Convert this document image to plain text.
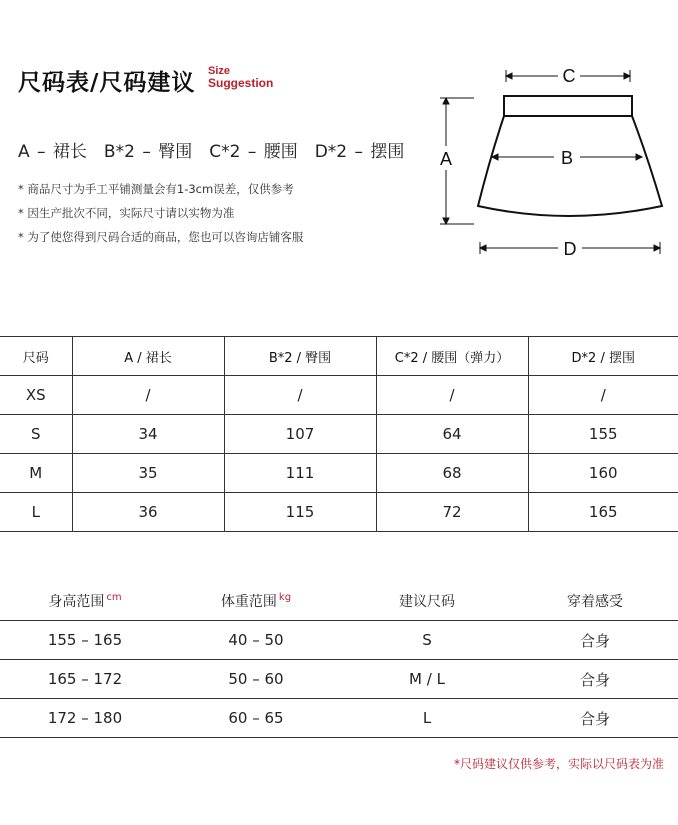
尺码表/尺码建议 Size
Suggestion
A – 裙长　B*2 – 臀围　C*2 – 腰围　D*2 – 摆围
* 商品尺寸为手工平铺测量会有1-3cm误差，仅供参考
* 因生产批次不同，实际尺寸请以实物为准
* 为了使您得到尺码合适的商品，您也可以咨询店铺客服
C
B
A
D
尺码	A / 裙长	B*2 / 臀围	C*2 / 腰围（弹力）	D*2 / 摆围
XS	/	/	/	/
S	34	107	64	155
M	35	111	68	160
L	36	115	72	165
身高范围 $^{cm}$	体重范围 $^{kg}$	建议尺码	穿着感受
155 – 165	40 – 50	S	合身
165 – 172	50 – 60	M / L	合身
172 – 180	60 – 65	L	合身
*尺码建议仅供参考，实际以尺码表为准
